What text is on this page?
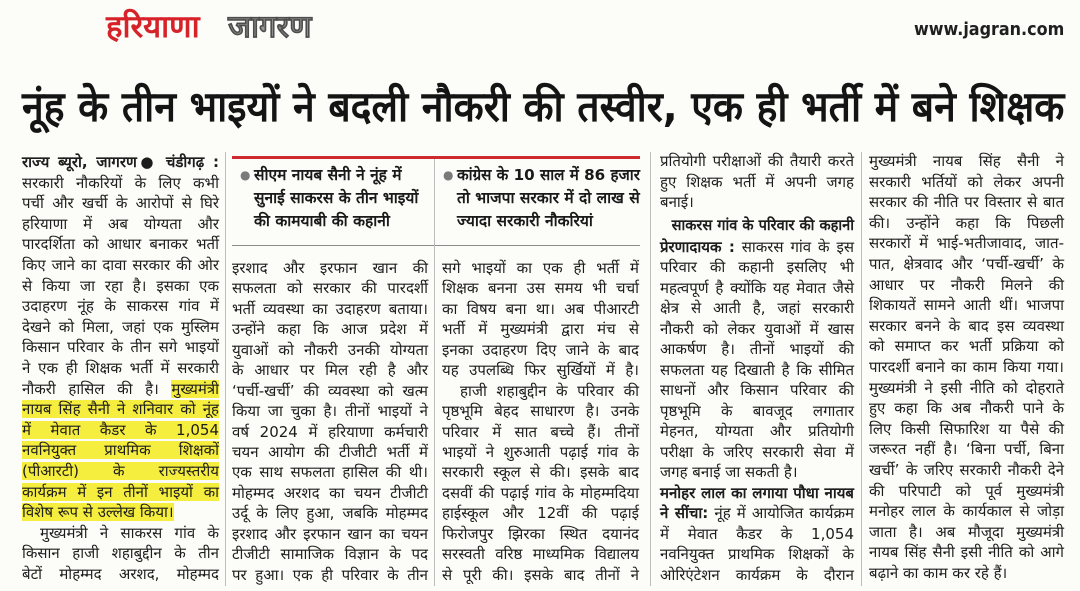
हरियाणा जागरण	www.jagran.com
नूंह के तीन भाइयों ने बदली नौकरी की तस्वीर, एक ही भर्ती में बने शिक्षक
● सीएम नायब सैनी ने नूंह में
सुनाई साकरस के तीन भाइयों
की कामयाबी की कहानी
● कांग्रेस के 10 साल में 86 हजार
तो भाजपा सरकार में दो लाख से
ज्यादा सरकारी नौकरियां
राज्य ब्यूरो, जागरण● चंडीगढ़ :
सरकारी नौकरियों के लिए कभी
पर्ची और खर्ची के आरोपों से घिरे
हरियाणा में अब योग्यता और
पारदर्शिता को आधार बनाकर भर्ती
किए जाने का दावा सरकार की ओर
से किया जा रहा है। इसका एक
उदाहरण नूंह के साकरस गांव में
देखने को मिला, जहां एक मुस्लिम
किसान परिवार के तीन सगे भाइयों
ने एक ही शिक्षक भर्ती में सरकारी
नौकरी हासिल की है। मुख्यमंत्री
नायब सिंह सैनी ने शनिवार को नूंह
में मेवात कैडर के 1,054
नवनियुक्त प्राथमिक शिक्षकों
(पीआरटी) के राज्यस्तरीय
कार्यक्रम में इन तीनों भाइयों का
विशेष रूप से उल्लेख किया।
मुख्यमंत्री ने साकरस गांव के
किसान हाजी शहाबुद्दीन के तीन
बेटों मोहम्मद अरशद, मोहम्मद
इरशाद और इरफान खान की
सफलता को सरकार की पारदर्शी
भर्ती व्यवस्था का उदाहरण बताया।
उन्होंने कहा कि आज प्रदेश में
युवाओं को नौकरी उनकी योग्यता
के आधार पर मिल रही है और
‘पर्ची-खर्ची’ की व्यवस्था को खत्म
किया जा चुका है। तीनों भाइयों ने
वर्ष 2024 में हरियाणा कर्मचारी
चयन आयोग की टीजीटी भर्ती में
एक साथ सफलता हासिल की थी।
मोहम्मद अरशद का चयन टीजीटी
उर्दू के लिए हुआ, जबकि मोहम्मद
इरशाद और इरफान खान का चयन
टीजीटी सामाजिक विज्ञान के पद
पर हुआ। एक ही परिवार के तीन
सगे भाइयों का एक ही भर्ती में
शिक्षक बनना उस समय भी चर्चा
का विषय बना था। अब पीआरटी
भर्ती में मुख्यमंत्री द्वारा मंच से
इनका उदाहरण दिए जाने के बाद
यह उपलब्धि फिर सुर्खियों में है।
हाजी शहाबुद्दीन के परिवार की
पृष्ठभूमि बेहद साधारण है। उनके
परिवार में सात बच्चे हैं। तीनों
भाइयों ने शुरुआती पढ़ाई गांव के
सरकारी स्कूल से की। इसके बाद
दसवीं की पढ़ाई गांव के मोहम्मदिया
हाईस्कूल और 12वीं की पढ़ाई
फिरोजपुर झिरका स्थित दयानंद
सरस्वती वरिष्ठ माध्यमिक विद्यालय
से पूरी की। इसके बाद तीनों ने
प्रतियोगी परीक्षाओं की तैयारी करते
हुए शिक्षक भर्ती में अपनी जगह
बनाई।
साकरस गांव के परिवार की कहानी
प्रेरणादायक : साकरस गांव के इस
परिवार की कहानी इसलिए भी
महत्वपूर्ण है क्योंकि यह मेवात जैसे
क्षेत्र से आती है, जहां सरकारी
नौकरी को लेकर युवाओं में खास
आकर्षण है। तीनों भाइयों की
सफलता यह दिखाती है कि सीमित
साधनों और किसान परिवार की
पृष्ठभूमि के बावजूद लगातार
मेहनत, योग्यता और प्रतियोगी
परीक्षा के जरिए सरकारी सेवा में
जगह बनाई जा सकती है।
मनोहर लाल का लगाया पौधा नायब
ने सींचा: नूंह में आयोजित कार्यक्रम
में मेवात कैडर के 1,054
नवनियुक्त प्राथमिक शिक्षकों के
ओरिएंटेशन कार्यक्रम के दौरान
मुख्यमंत्री नायब सिंह सैनी ने
सरकारी भर्तियों को लेकर अपनी
सरकार की नीति पर विस्तार से बात
की। उन्होंने कहा कि पिछली
सरकारों में भाई-भतीजावाद, जात-
पात, क्षेत्रवाद और ‘पर्ची-खर्ची’ के
आधार पर नौकरी मिलने की
शिकायतें सामने आती थीं। भाजपा
सरकार बनने के बाद इस व्यवस्था
को समाप्त कर भर्ती प्रक्रिया को
पारदर्शी बनाने का काम किया गया।
मुख्यमंत्री ने इसी नीति को दोहराते
हुए कहा कि अब नौकरी पाने के
लिए किसी सिफारिश या पैसे की
जरूरत नहीं है। ‘बिना पर्ची, बिना
खर्ची’ के जरिए सरकारी नौकरी देने
की परिपाटी को पूर्व मुख्यमंत्री
मनोहर लाल के कार्यकाल से जोड़ा
जाता है। अब मौजूदा मुख्यमंत्री
नायब सिंह सैनी इसी नीति को आगे
बढ़ाने का काम कर रहे हैं।
